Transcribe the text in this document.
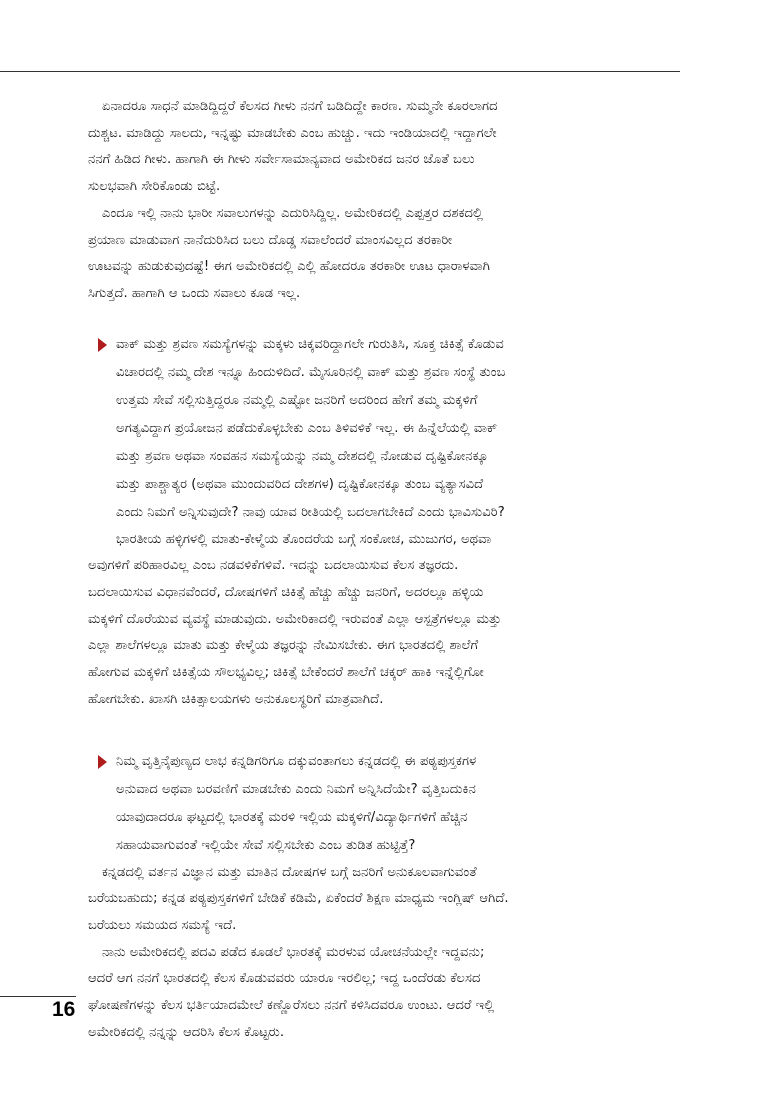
ಏನಾದರೂ ಸಾಧನೆ ಮಾಡಿದ್ದಿದ್ದರೆ ಕೆಲಸದ ಗೀಳು ನನಗೆ ಬಡಿದಿದ್ದೇ ಕಾರಣ. ಸುಮ್ಮನೇ ಕೂರಲಾಗದ

ದುಶ್ಚಟ. ಮಾಡಿದ್ದು ಸಾಲದು, ಇನ್ನಷ್ಟು ಮಾಡಬೇಕು ಎಂಬ ಹುಚ್ಚು. ಇದು ಇಂಡಿಯಾದಲ್ಲಿ ಇದ್ದಾಗಲೇ

ನನಗೆ ಹಿಡಿದ ಗೀಳು. ಹಾಗಾಗಿ ಈ ಗೀಳು ಸರ್ವೇಸಾಮಾನ್ಯವಾದ ಅಮೇರಿಕದ ಜನರ ಜೊತೆ ಬಲು

ಸುಲಭವಾಗಿ ಸೇರಿಕೊಂಡು ಬಿಟ್ಟೆ.

ಎಂದೂ ಇಲ್ಲಿ ನಾನು ಭಾರೀ ಸವಾಲುಗಳನ್ನು ಎದುರಿಸಿದ್ದಿಲ್ಲ. ಅಮೇರಿಕದಲ್ಲಿ ಎಪ್ಪತ್ತರ ದಶಕದಲ್ಲಿ

ಪ್ರಯಾಣ ಮಾಡುವಾಗ ನಾನೆದುರಿಸಿದ ಬಲು ದೊಡ್ಡ ಸವಾಲೆಂದರೆ ಮಾಂಸವಿಲ್ಲದ ತರಕಾರೀ

ಊಟವನ್ನು ಹುಡುಕುವುದಷ್ಟೆ! ಈಗ ಅಮೇರಿಕದಲ್ಲಿ ಎಲ್ಲಿ ಹೋದರೂ ತರಕಾರೀ ಊಟ ಧಾರಾಳವಾಗಿ

ಸಿಗುತ್ತದೆ. ಹಾಗಾಗಿ ಆ ಒಂದು ಸವಾಲು ಕೂಡ ಇಲ್ಲ.

ವಾಕ್ ಮತ್ತು ಶ್ರವಣ ಸಮಸ್ಯೆಗಳನ್ನು ಮಕ್ಕಳು ಚಿಕ್ಕವರಿದ್ದಾಗಲೇ ಗುರುತಿಸಿ, ಸೂಕ್ತ ಚಿಕಿತ್ಸೆ ಕೊಡುವ

ವಿಚಾರದಲ್ಲಿ ನಮ್ಮ ದೇಶ ಇನ್ನೂ ಹಿಂದುಳಿದಿದೆ. ಮೈಸೂರಿನಲ್ಲಿ ವಾಕ್ ಮತ್ತು ಶ್ರವಣ ಸಂಸ್ಥೆ ತುಂಬ

ಉತ್ತಮ ಸೇವೆ ಸಲ್ಲಿಸುತ್ತಿದ್ದರೂ ನಮ್ಮಲ್ಲಿ ಎಷ್ಟೋ ಜನರಿಗೆ ಅದರಿಂದ ಹೇಗೆ ತಮ್ಮ ಮಕ್ಕಳಿಗೆ

ಅಗತ್ಯವಿದ್ದಾಗ ಪ್ರಯೋಜನ ಪಡೆದುಕೊಳ್ಳಬೇಕು ಎಂಬ ತಿಳಿವಳಿಕೆ ಇಲ್ಲ. ಈ ಹಿನ್ನೆಲೆಯಲ್ಲಿ ವಾಕ್

ಮತ್ತು ಶ್ರವಣ ಅಥವಾ ಸಂವಹನ ಸಮಸ್ಯೆಯನ್ನು ನಮ್ಮ ದೇಶದಲ್ಲಿ ನೋಡುವ ದೃಷ್ಟಿಕೋನಕ್ಕೂ

ಮತ್ತು ಪಾಶ್ಚಾತ್ಯರ (ಅಥವಾ ಮುಂದುವರಿದ ದೇಶಗಳ) ದೃಷ್ಟಿಕೋನಕ್ಕೂ ತುಂಬ ವ್ಯತ್ಯಾಸವಿದೆ

ಎಂದು ನಿಮಗೆ ಅನ್ನಿಸುವುದೇ? ನಾವು ಯಾವ ರೀತಿಯಲ್ಲಿ ಬದಲಾಗಬೇಕಿದೆ ಎಂದು ಭಾವಿಸುವಿರಿ?

ಭಾರತೀಯ ಹಳ್ಳಿಗಳಲ್ಲಿ ಮಾತು-ಕೇಳ್ಮೆಯ ತೊಂದರೆಯ ಬಗ್ಗೆ ಸಂಕೋಚ, ಮುಜುಗರ, ಅಥವಾ

ಅವುಗಳಿಗೆ ಪರಿಹಾರವಿಲ್ಲ ಎಂಬ ನಡವಳಿಕೆಗಳಿವೆ. ಇದನ್ನು ಬದಲಾಯಿಸುವ ಕೆಲಸ ತಜ್ಞರದು.

ಬದಲಾಯಿಸುವ ವಿಧಾನವೆಂದರೆ, ದೋಷಗಳಿಗೆ ಚಿಕಿತ್ಸೆ ಹೆಚ್ಚು ಹೆಚ್ಚು ಜನರಿಗೆ, ಅದರಲ್ಲೂ ಹಳ್ಳಿಯ

ಮಕ್ಕಳಿಗೆ ದೊರೆಯುವ ವ್ಯವಸ್ಥೆ ಮಾಡುವುದು. ಅಮೇರಿಕಾದಲ್ಲಿ ಇರುವಂತೆ ಎಲ್ಲಾ ಆಸ್ಪತ್ರೆಗಳಲ್ಲೂ ಮತ್ತು

ಎಲ್ಲಾ ಶಾಲೆಗಳಲ್ಲೂ ಮಾತು ಮತ್ತು ಕೇಳ್ಮೆಯ ತಜ್ಞರನ್ನು ನೇಮಿಸಬೇಕು. ಈಗ ಭಾರತದಲ್ಲಿ ಶಾಲೆಗೆ

ಹೋಗುವ ಮಕ್ಕಳಿಗೆ ಚಿಕಿತ್ಸೆಯ ಸೌಲಭ್ಯವಿಲ್ಲ; ಚಿಕಿತ್ಸೆ ಬೇಕೆಂದರೆ ಶಾಲೆಗೆ ಚಕ್ಕರ್ ಹಾಕಿ ಇನ್ನೆಲ್ಲಿಗೋ

ಹೋಗಬೇಕು. ಖಾಸಗಿ ಚಿಕಿತ್ಸಾಲಯಗಳು ಅನುಕೂಲಸ್ಥರಿಗೆ ಮಾತ್ರವಾಗಿದೆ.

ನಿಮ್ಮ ವೃತ್ತಿನೈಪುಣ್ಯದ ಲಾಭ ಕನ್ನಡಿಗರಿಗೂ ದಕ್ಕುವಂತಾಗಲು ಕನ್ನಡದಲ್ಲಿ ಈ ಪಠ್ಯಪುಸ್ತಕಗಳ

ಅನುವಾದ ಅಥವಾ ಬರವಣಿಗೆ ಮಾಡಬೇಕು ಎಂದು ನಿಮಗೆ ಅನ್ನಿಸಿದೆಯೇ? ವೃತ್ತಿಬದುಕಿನ

ಯಾವುದಾದರೂ ಘಟ್ಟದಲ್ಲಿ ಭಾರತಕ್ಕೆ ಮರಳಿ ಇಲ್ಲಿಯ ಮಕ್ಕಳಿಗೆ/ವಿದ್ಯಾರ್ಥಿಗಳಿಗೆ ಹೆಚ್ಚಿನ

ಸಹಾಯವಾಗುವಂತೆ ಇಲ್ಲಿಯೇ ಸೇವೆ ಸಲ್ಲಿಸಬೇಕು ಎಂಬ ತುಡಿತ ಹುಟ್ಟಿತ್ತೆ?

ಕನ್ನಡದಲ್ಲಿ ವರ್ತನ ವಿಜ್ಞಾನ ಮತ್ತು ಮಾತಿನ ದೋಷಗಳ ಬಗ್ಗೆ ಜನರಿಗೆ ಅನುಕೂಲವಾಗುವಂತೆ

ಬರೆಯಬಹುದು; ಕನ್ನಡ ಪಠ್ಯಪುಸ್ತಕಗಳಿಗೆ ಬೇಡಿಕೆ ಕಡಿಮೆ, ಏಕೆಂದರೆ ಶಿಕ್ಷಣ ಮಾಧ್ಯಮ ಇಂಗ್ಲಿಷ್ ಆಗಿದೆ.

ಬರೆಯಲು ಸಮಯದ ಸಮಸ್ಯೆ ಇದೆ.

ನಾನು ಅಮೇರಿಕದಲ್ಲಿ ಪದವಿ ಪಡೆದ ಕೂಡಲೆ ಭಾರತಕ್ಕೆ ಮರಳುವ ಯೋಚನೆಯಲ್ಲೇ ಇದ್ದವನು;

ಆದರೆ ಆಗ ನನಗೆ ಭಾರತದಲ್ಲಿ ಕೆಲಸ ಕೊಡುವವರು ಯಾರೂ ಇರಲಿಲ್ಲ; ಇದ್ದ ಒಂದೆರಡು ಕೆಲಸದ

ಘೋಷಣೆಗಳನ್ನು ಕೆಲಸ ಭರ್ತಿಯಾದಮೇಲೆ ಕಣ್ಣೊರೆಸಲು ನನಗೆ ಕಳಿಸಿದವರೂ ಉಂಟು. ಆದರೆ ಇಲ್ಲಿ

ಅಮೇರಿಕದಲ್ಲಿ ನನ್ನನ್ನು ಆದರಿಸಿ ಕೆಲಸ ಕೊಟ್ಟರು.

16
